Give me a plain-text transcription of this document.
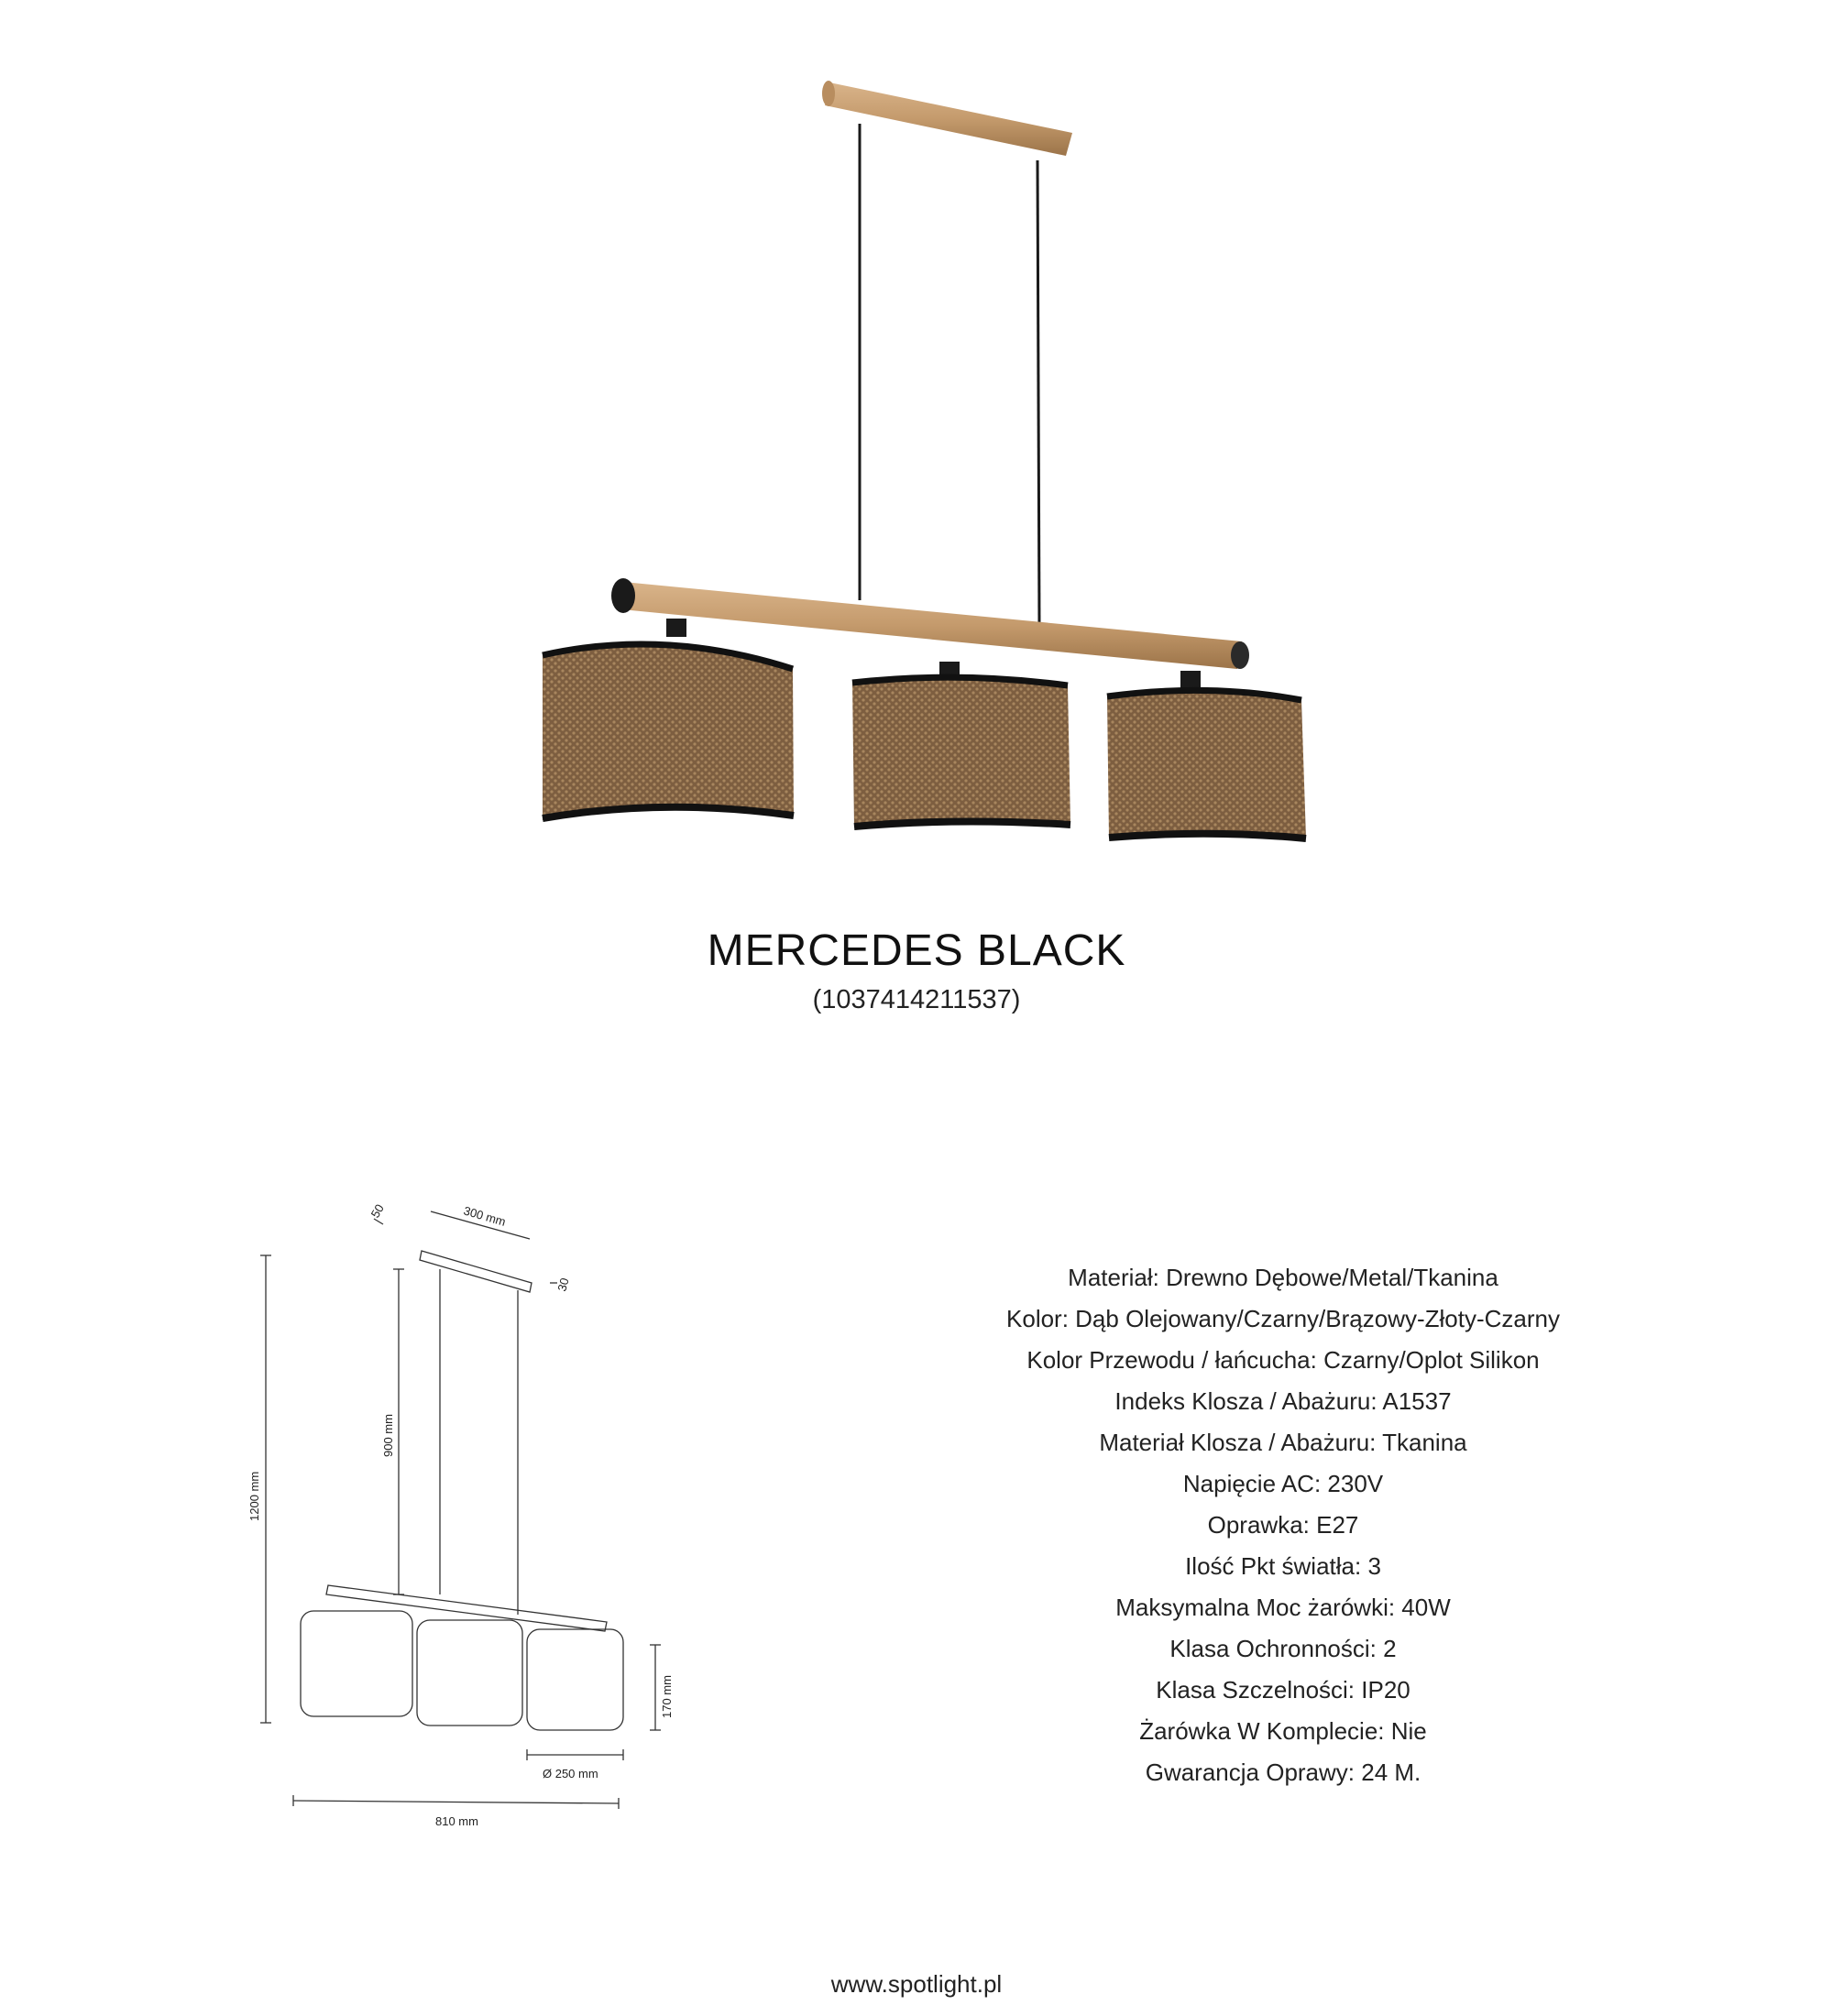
MERCEDES BLACK
(1037414211537)
50	300 mm
30
1200 mm
900 mm
170 mm
Ø 250 mm
810 mm
Materiał: Drewno Dębowe/Metal/Tkanina
Kolor: Dąb Olejowany/Czarny/Brązowy-Złoty-Czarny
Kolor Przewodu / łańcucha: Czarny/Oplot Silikon
Indeks Klosza / Abażuru: A1537
Materiał Klosza / Abażuru: Tkanina
Napięcie AC: 230V
Oprawka: E27
Ilość Pkt światła: 3
Maksymalna Moc żarówki: 40W
Klasa Ochronności: 2
Klasa Szczelności: IP20
Żarówka W Komplecie: Nie
Gwarancja Oprawy: 24 M.
www.spotlight.pl
